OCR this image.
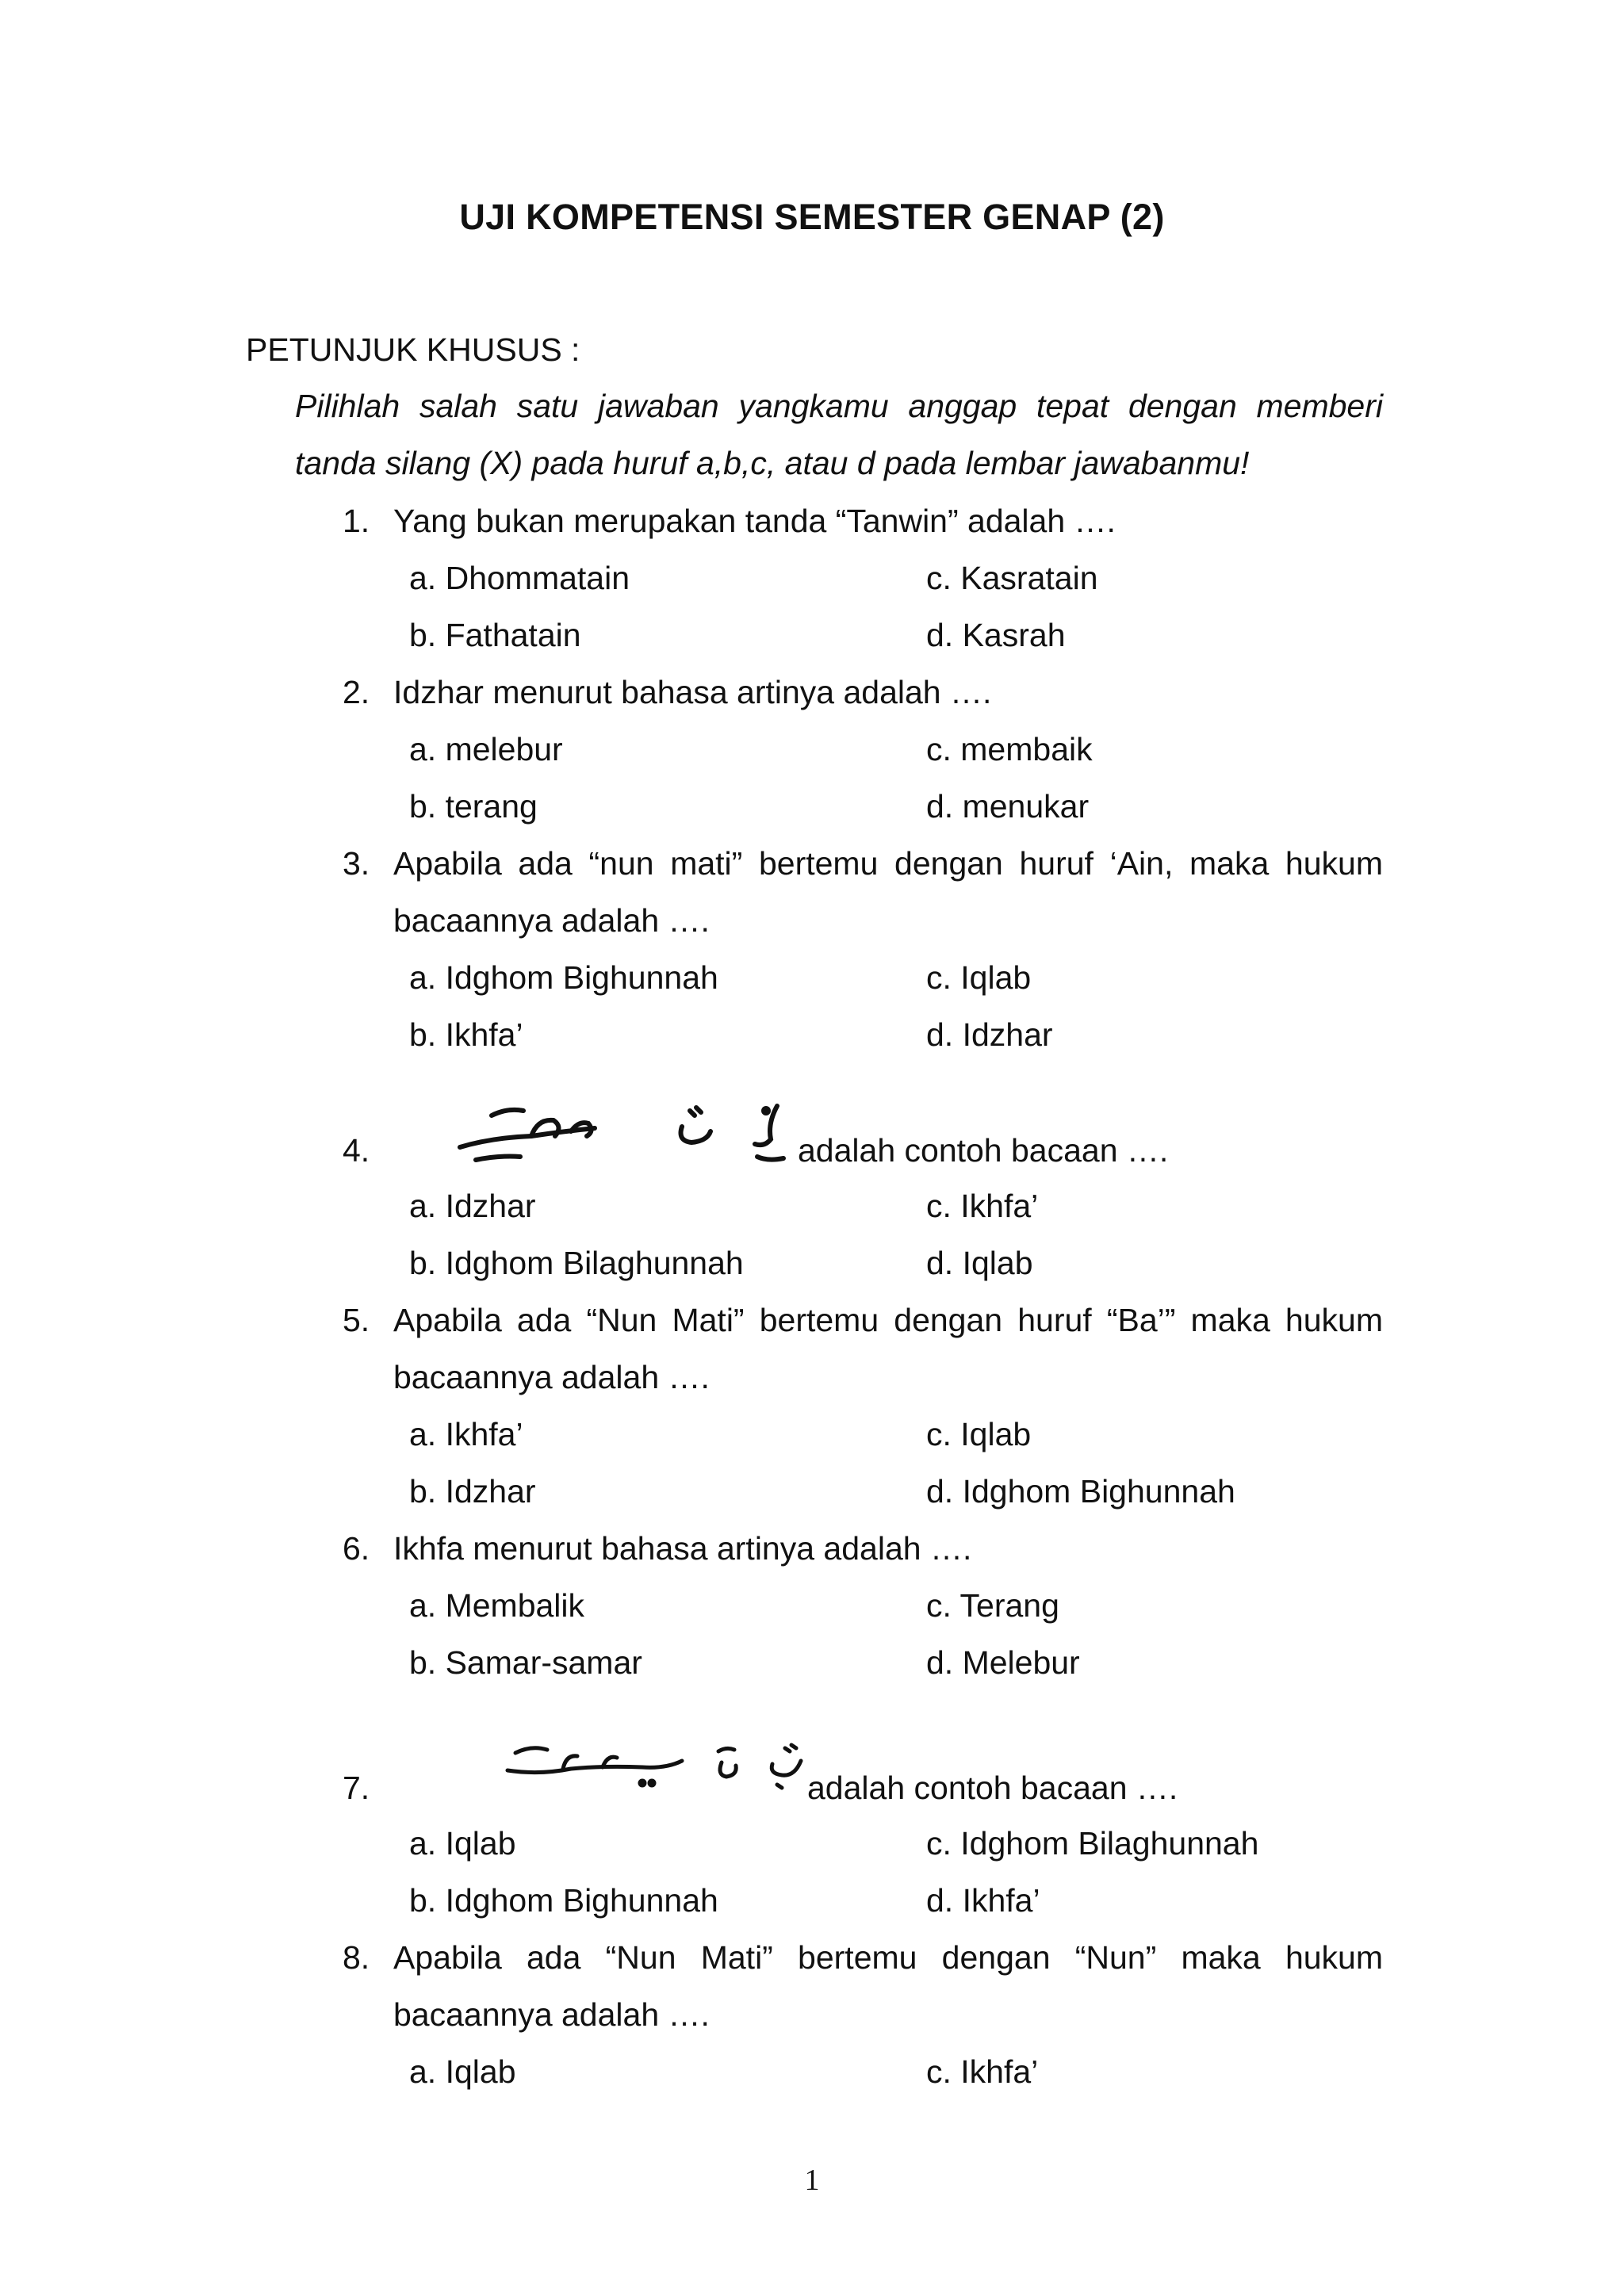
UJI KOMPETENSI SEMESTER GENAP (2)
PETUNJUK KHUSUS :
Pilihlah salah satu jawaban yangkamu anggap tepat dengan memberi tanda silang (X) pada huruf a,b,c, atau d pada lembar jawabanmu!
1. Yang bukan merupakan tanda “Tanwin” adalah ….
a. Dhommatain	c. Kasratain
b. Fathatain	d. Kasrah
2. Idzhar menurut bahasa artinya adalah ….
a. melebur	c. membaik
b. terang	d. menukar
3. Apabila ada “nun mati” bertemu dengan huruf ‘Ain, maka hukum
bacaannya adalah ….
a. Idghom Bighunnah	c. Iqlab
b. Ikhfa’	d. Idzhar
4.	adalah contoh bacaan ….
a. Idzhar	c. Ikhfa’
b. Idghom Bilaghunnah	d. Iqlab
5. Apabila ada “Nun Mati” bertemu dengan huruf “Ba’” maka hukum
bacaannya adalah ….
a. Ikhfa’	c. Iqlab
b. Idzhar	d. Idghom Bighunnah
6. Ikhfa menurut bahasa artinya adalah ….
a. Membalik	c. Terang
b. Samar-samar	d. Melebur
7.	adalah contoh bacaan ….
a. Iqlab	c. Idghom Bilaghunnah
b. Idghom Bighunnah	d. Ikhfa’
8. Apabila ada “Nun Mati” bertemu dengan “Nun” maka hukum
bacaannya adalah ….
a. Iqlab	c. Ikhfa’
1
